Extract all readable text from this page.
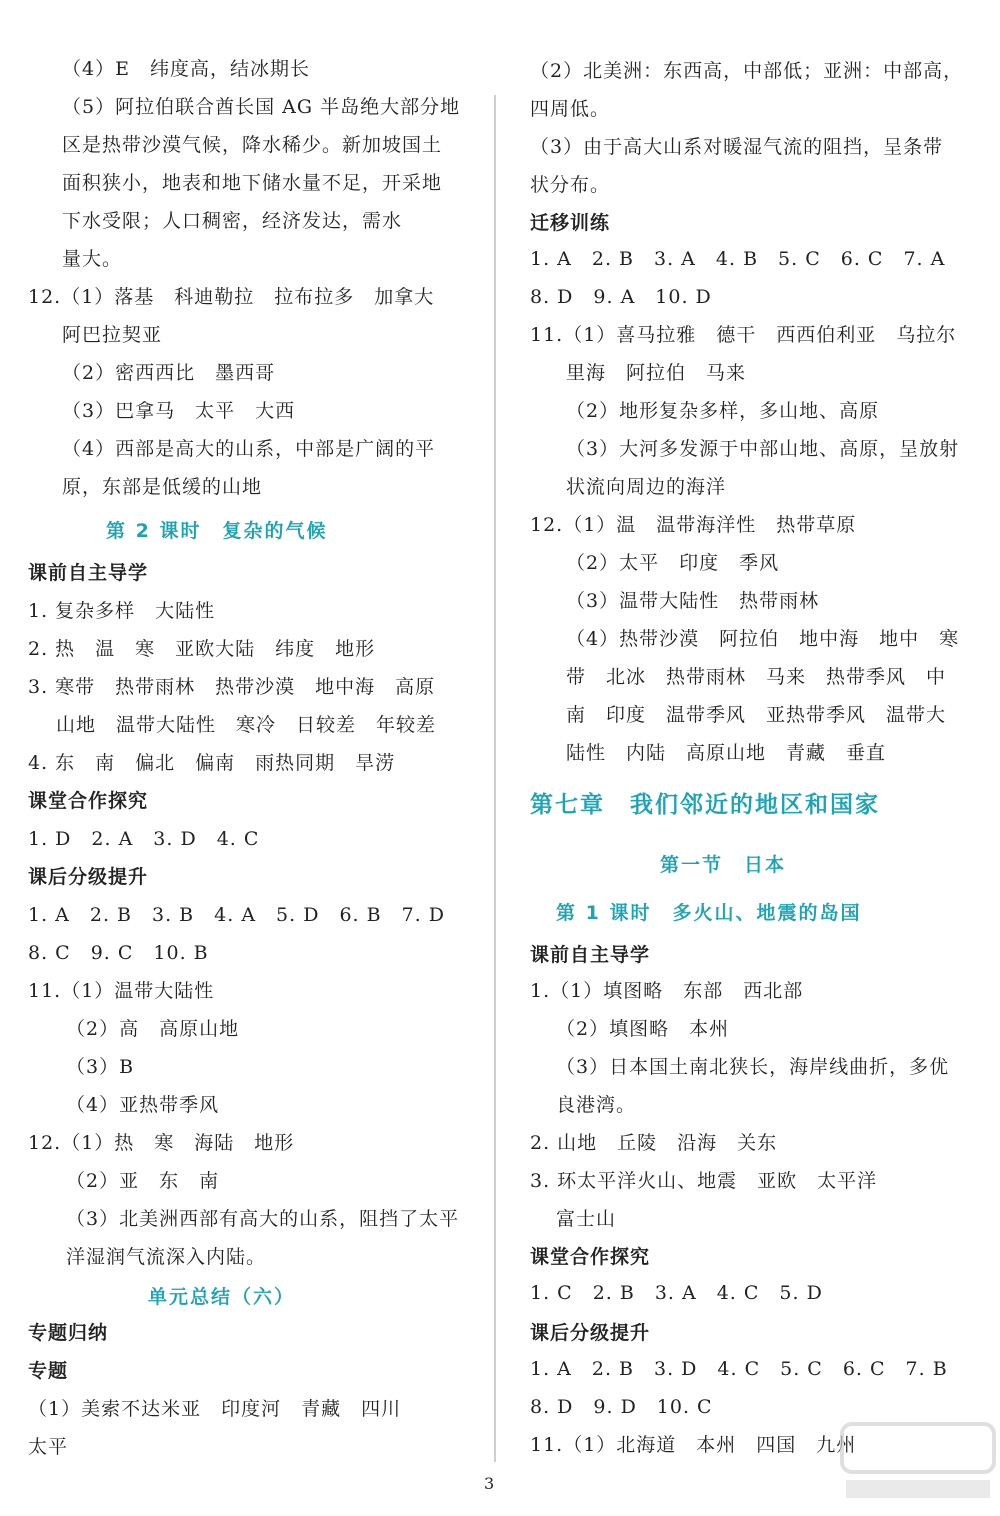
（4）E　纬度高，结冰期长
（5）阿拉伯联合酋长国 AG 半岛绝大部分地
区是热带沙漠气候，降水稀少。新加坡国土
面积狭小，地表和地下储水量不足，开采地
下水受限；人口稠密，经济发达，需水
量大。
12.（1）落基　科迪勒拉　拉布拉多　加拿大
阿巴拉契亚
（2）密西西比　墨西哥
（3）巴拿马　太平　大西
（4）西部是高大的山系，中部是广阔的平
原，东部是低缓的山地
第 2 课时　复杂的气候
课前自主导学
1. 复杂多样　大陆性
2. 热　温　寒　亚欧大陆　纬度　地形
3. 寒带　热带雨林　热带沙漠　地中海　高原
山地　温带大陆性　寒冷　日较差　年较差
4. 东　南　偏北　偏南　雨热同期　旱涝
课堂合作探究
1. D　2. A　3. D　4. C
课后分级提升
1. A　2. B　3. B　4. A　5. D　6. B　7. D
8. C　9. C　10. B
11.（1）温带大陆性
（2）高　高原山地
（3）B
（4）亚热带季风
12.（1）热　寒　海陆　地形
（2）亚　东　南
（3）北美洲西部有高大的山系，阻挡了太平
洋湿润气流深入内陆。
单元总结（六）
专题归纳
专题
（1）美索不达米亚　印度河　青藏　四川
太平
（2）北美洲：东西高，中部低；亚洲：中部高，
四周低。
（3）由于高大山系对暖湿气流的阻挡，呈条带
状分布。
迁移训练
1. A　2. B　3. A　4. B　5. C　6. C　7. A
8. D　9. A　10. D
11.（1）喜马拉雅　德干　西西伯利亚　乌拉尔
里海　阿拉伯　马来
（2）地形复杂多样，多山地、高原
（3）大河多发源于中部山地、高原，呈放射
状流向周边的海洋
12.（1）温　温带海洋性　热带草原
（2）太平　印度　季风
（3）温带大陆性　热带雨林
（4）热带沙漠　阿拉伯　地中海　地中　寒
带　北冰　热带雨林　马来　热带季风　中
南　印度　温带季风　亚热带季风　温带大
陆性　内陆　高原山地　青藏　垂直
第七章　我们邻近的地区和国家
第一节　日本
第 1 课时　多火山、地震的岛国
课前自主导学
1.（1）填图略　东部　西北部
（2）填图略　本州
（3）日本国土南北狭长，海岸线曲折，多优
良港湾。
2. 山地　丘陵　沿海　关东
3. 环太平洋火山、地震　亚欧　太平洋
富士山
课堂合作探究
1. C　2. B　3. A　4. C　5. D
课后分级提升
1. A　2. B　3. D　4. C　5. C　6. C　7. B
8. D　9. D　10. C
11.（1）北海道　本州　四国　九州
3
